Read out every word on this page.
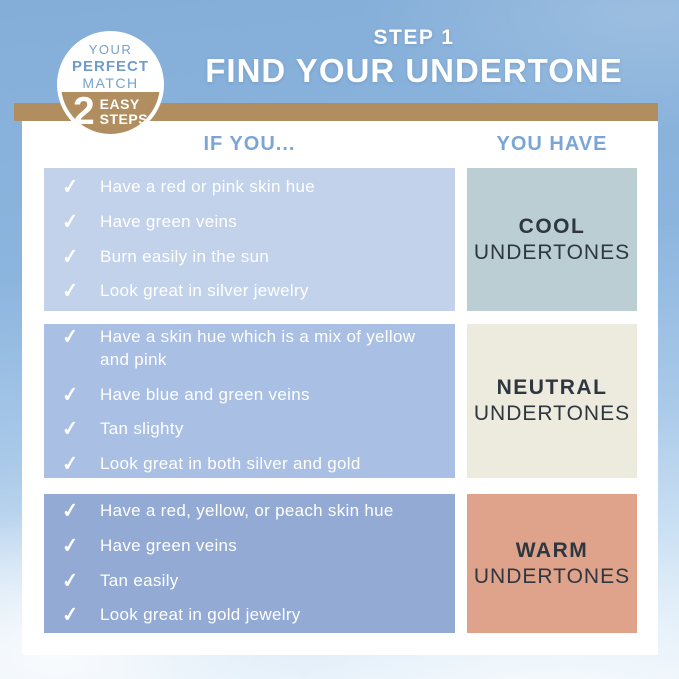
STEP 1
FIND YOUR UNDERTONE
YOUR
PERFECT
MATCH
2 EASY
STEPS
IF YOU...	YOU HAVE
✓ Have a red or pink skin hue
✓ Have green veins
✓ Burn easily in the sun
✓ Look great in silver jewelry
COOL
UNDERTONES
✓ Have a skin hue which is a mix of yellow and pink
✓ Have blue and green veins
✓ Tan slighty
✓ Look great in both silver and gold
NEUTRAL
UNDERTONES
✓ Have a red, yellow, or peach skin hue
✓ Have green veins
✓ Tan easily
✓ Look great in gold jewelry
WARM
UNDERTONES
